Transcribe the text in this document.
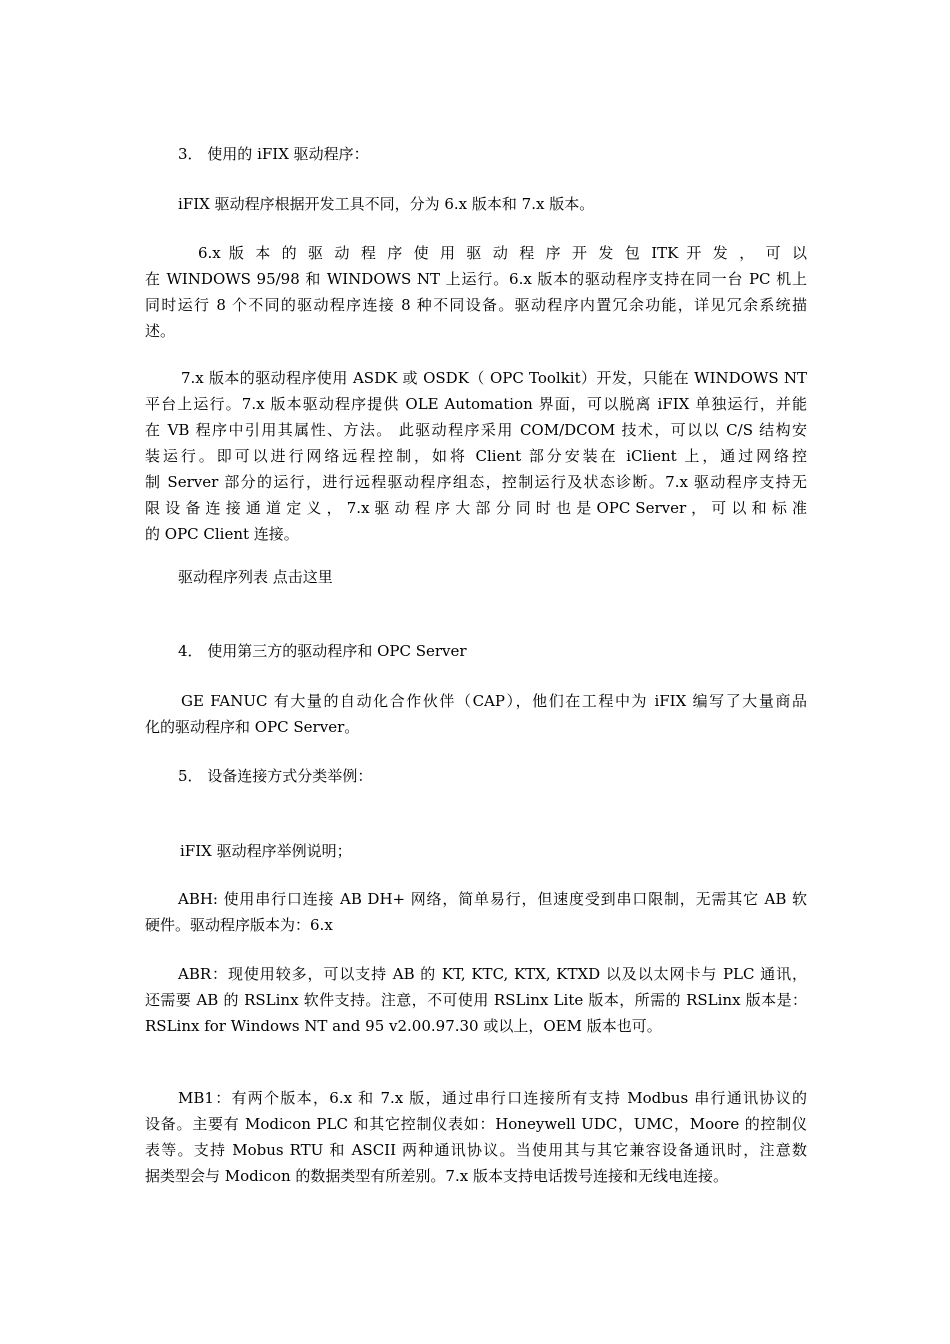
3． 使用的 iFIX 驱动程序：
iFIX 驱动程序根据开发工具不同，分为 6.x 版本和 7.x 版本。
6.x 版 本 的 驱 动 程 序 使 用 驱 动 程 序 开 发 包 ITK 开 发 ， 可 以
在 WINDOWS 95/98 和 WINDOWS NT 上运行。6.x 版本的驱动程序支持在同一台 PC 机上
同时运行 8 个不同的驱动程序连接 8 种不同设备。驱动程序内置冗余功能，详见冗余系统描
述。
7.x 版本的驱动程序使用 ASDK 或 OSDK（ OPC Toolkit）开发，只能在 WINDOWS NT
平台上运行。7.x 版本驱动程序提供 OLE Automation 界面，可以脱离 iFIX 单独运行，并能
在 VB 程序中引用其属性、方法。 此驱动程序采用 COM/DCOM 技术，可以以 C/S 结构安
装运行。即可以进行网络远程控制，如将 Client 部分安装在 iClient 上，通过网络控
制 Server 部分的运行，进行远程驱动程序组态，控制运行及状态诊断。7.x 驱动程序支持无
限 设 备 连 接 通 道 定 义 ， 7.x 驱 动 程 序 大 部 分 同 时 也 是 OPC Server ， 可 以 和 标 准
的 OPC Client 连接。
驱动程序列表 点击这里
4． 使用第三方的驱动程序和 OPC Server
GE FANUC 有大量的自动化合作伙伴（CAP），他们在工程中为 iFIX 编写了大量商品
化的驱动程序和 OPC Server。
5． 设备连接方式分类举例：
iFIX 驱动程序举例说明；
ABH: 使用串行口连接 AB DH+ 网络，简单易行，但速度受到串口限制，无需其它 AB 软
硬件。驱动程序版本为：6.x
ABR：现使用较多，可以支持 AB 的 KT, KTC, KTX, KTXD 以及以太网卡与 PLC 通讯，
还需要 AB 的 RSLinx 软件支持。注意，不可使用 RSLinx Lite 版本，所需的 RSLinx 版本是：
RSLinx for Windows NT and 95 v2.00.97.30 或以上，OEM 版本也可。
MB1：有两个版本，6.x 和 7.x 版，通过串行口连接所有支持 Modbus 串行通讯协议的
设备。主要有 Modicon PLC 和其它控制仪表如：Honeywell UDC，UMC，Moore 的控制仪
表等。支持 Mobus RTU 和 ASCII 两种通讯协议。当使用其与其它兼容设备通讯时，注意数
据类型会与 Modicon 的数据类型有所差别。7.x 版本支持电话拨号连接和无线电连接。
